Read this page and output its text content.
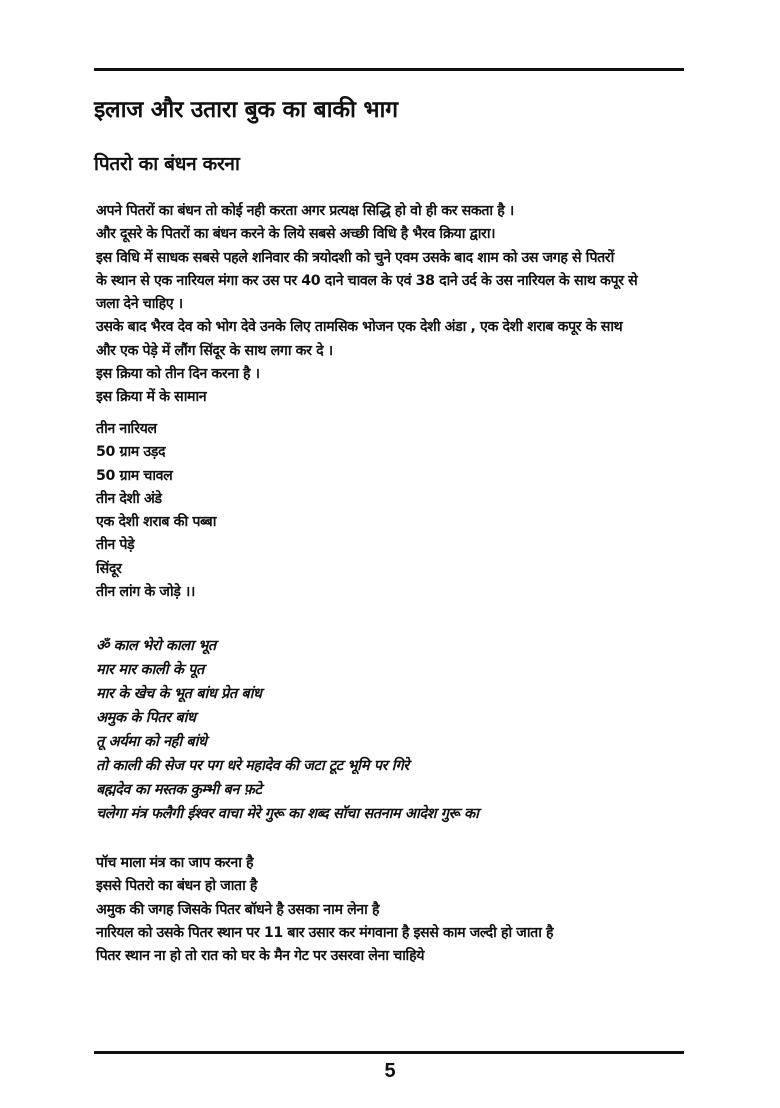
इलाज और उतारा बुक का बाकी भाग
पितरो का बंधन करना
अपने पितरों का बंधन तो कोई नही करता अगर प्रत्यक्ष सिद्धि हो वो ही कर सकता है ।
और दूसरे के पितरों का बंधन करने के लिये सबसे अच्छी विधि है भैरव क्रिया द्वारा।
इस विधि में साधक सबसे पहले शनिवार की त्रयोदशी को चुने एवम उसके बाद शाम को उस जगह से पितरों
के स्थान से एक नारियल मंगा कर उस पर 40 दाने चावल के एवं 38 दाने उर्द के उस नारियल के साथ कपूर से
जला देने चाहिए ।
उसके बाद भैरव देव को भोग देवे उनके लिए तामसिक भोजन एक देशी अंडा , एक देशी शराब कपूर के साथ
और एक पेड़े में लौंग सिंदूर के साथ लगा कर दे ।
इस क्रिया को तीन दिन करना है ।
इस क्रिया में के सामान
तीन नारियल
50 ग्राम उड़द
50 ग्राम चावल
तीन देशी अंडे
एक देशी शराब की पब्बा
तीन पेड़े
सिंदूर
तीन लांग के जोड़े ।।
ॐ काल भेरो काला भूत
मार मार काली के पूत
मार के खेच के भूत बांध प्रेत बांध
अमुक के पितर बांध
तू अर्यमा को नही बांधे
तो काली की सेज पर पग धरे महादेव की जटा टूट भूमि पर गिरे
बह्मदेव का मस्तक कुम्भी बन फ़टे
चलेगा मंत्र फलैगी ईश्वर वाचा मेरे गुरू का शब्द सॉचा सतनाम आदेश गुरू का
पॉच माला मंत्र का जाप करना है
इससे पितरो का बंधन हो जाता है
अमुक की जगह जिसके पितर बॉधने है उसका नाम लेना है
नारियल को उसके पितर स्थान पर 11 बार उसार कर मंगवाना है इससे काम जल्दी हो जाता है
पितर स्थान ना हो तो रात को घर के मैन गेट पर उसरवा लेना चाहिये
5
